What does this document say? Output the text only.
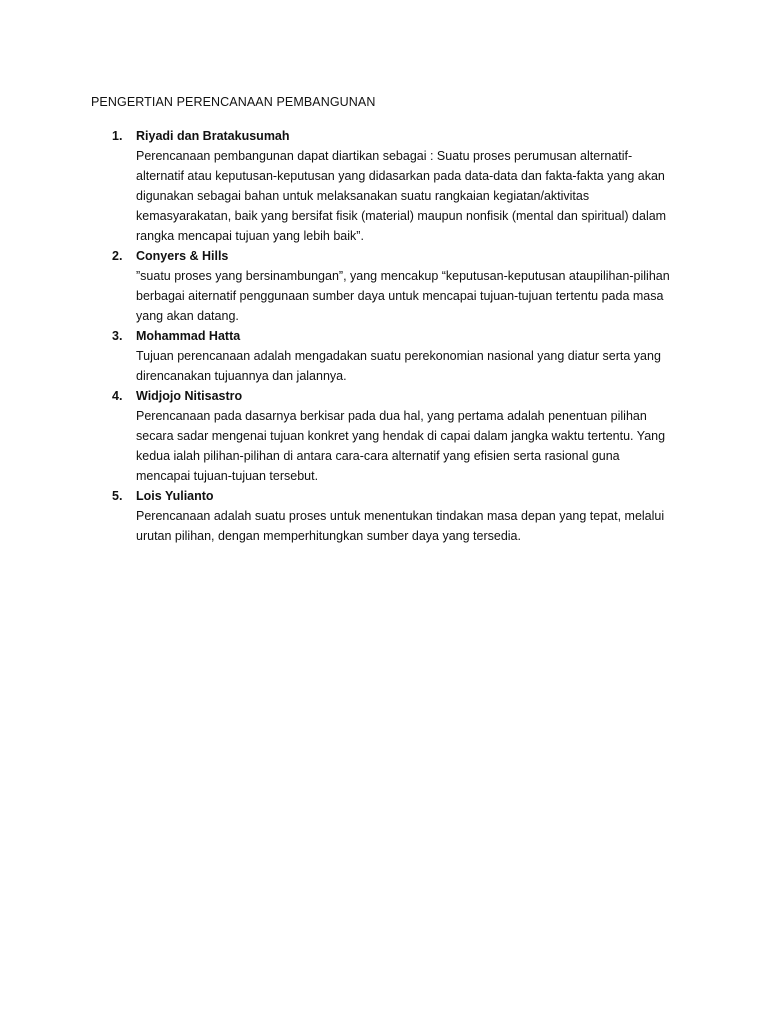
PENGERTIAN PERENCANAAN PEMBANGUNAN
1. Riyadi dan Bratakusumah

Perencanaan pembangunan dapat diartikan sebagai : Suatu proses perumusan alternatif-alternatif atau keputusan-keputusan yang didasarkan pada data-data dan fakta-fakta yang akan digunakan sebagai bahan untuk melaksanakan suatu rangkaian kegiatan/aktivitas kemasyarakatan, baik yang bersifat fisik (material) maupun nonfisik (mental dan spiritual) dalam rangka mencapai tujuan yang lebih baik”.

2. Conyers & Hills

”suatu proses yang bersinambungan”, yang mencakup “keputusan-keputusan ataupilihan-pilihan berbagai aiternatif penggunaan sumber daya untuk mencapai tujuan-tujuan tertentu pada masa yang akan datang.

3. Mohammad Hatta

Tujuan perencanaan adalah mengadakan suatu perekonomian nasional yang diatur serta yang direncanakan tujuannya dan jalannya.

4. Widjojo Nitisastro

Perencanaan pada dasarnya berkisar pada dua hal, yang pertama adalah penentuan pilihan secara sadar mengenai tujuan konkret yang hendak di capai dalam jangka waktu tertentu. Yang kedua ialah pilihan-pilihan di antara cara-cara alternatif yang efisien serta rasional guna mencapai tujuan-tujuan tersebut.

5. Lois Yulianto

Perencanaan adalah suatu proses untuk menentukan tindakan masa depan yang tepat, melalui urutan pilihan, dengan memperhitungkan sumber daya yang tersedia.
